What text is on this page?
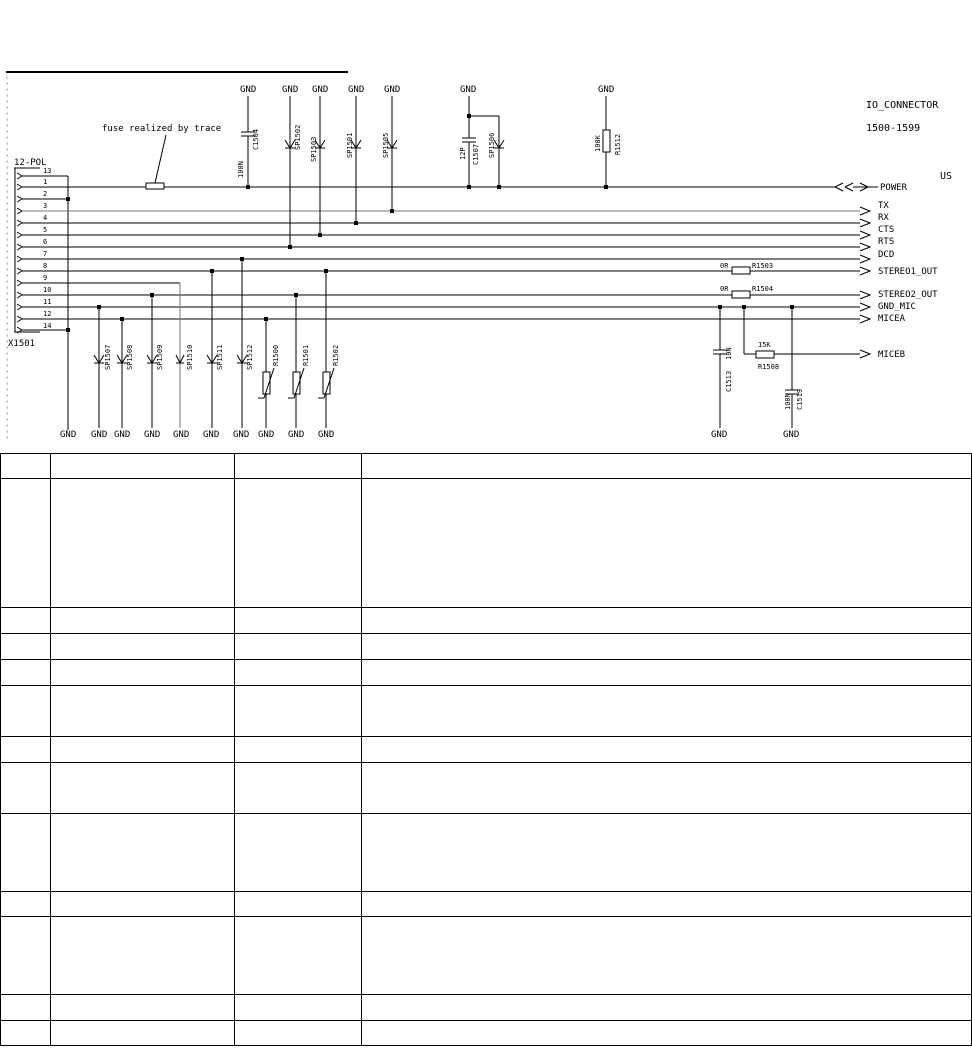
IO_CONNECTOR
1500-1599
US
12-POL
X1501
13
1
2
3
4
5
6
7
8
9
10
11
12
14
fuse realized by trace
POWER
TX
RX
CTS
RTS
DCD
STEREO1_OUT
STEREO2_OUT
GND_MIC
MICEA
MICEB
GND
C1504
100N
GND
SP1502
GND
SP1503
GND
SP1501
GND
SP1505
GND
12P C1507 SP1506
GND
100K R1512
0R	R1503
0R	R1504
15K
R1508
10N
C1513
GND
100N C1519
GND
GND
SP1507
GND
SP1508
GND
SP1509
GND
SP1510
GND
SP1511
GND
SP1512
GND
R1500
GND
R1501
GND
R1502
GND
